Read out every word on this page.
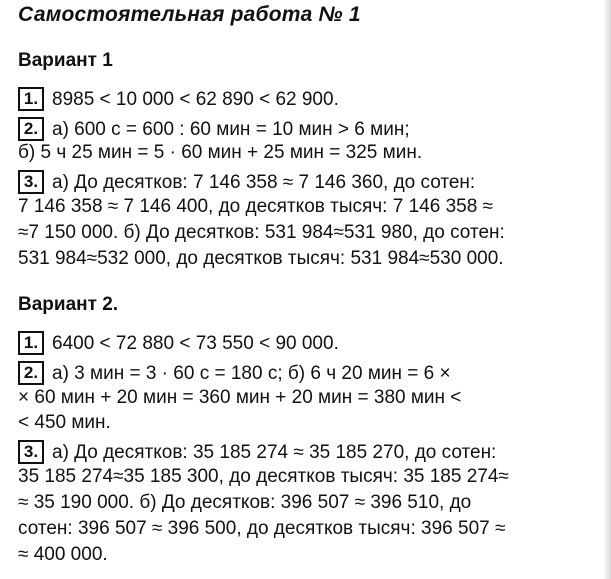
Самостоятельная работа № 1
Вариант 1
1. 8985 < 10 000 < 62 890 < 62 900.
2. а) 600 с = 600 : 60 мин = 10 мин > 6 мин;
б) 5 ч 25 мин = 5 · 60 мин + 25 мин = 325 мин.
3. а) До десятков: 7 146 358 ≈ 7 146 360, до сотен:
7 146 358 ≈ 7 146 400, до десятков тысяч: 7 146 358 ≈
≈7 150 000. б) До десятков: 531 984≈531 980, до сотен:
531 984≈532 000, до десятков тысяч: 531 984≈530 000.
Вариант 2.
1. 6400 < 72 880 < 73 550 < 90 000.
2. а) 3 мин = 3 · 60 с = 180 с; б) 6 ч 20 мин = 6 ×
× 60 мин + 20 мин = 360 мин + 20 мин = 380 мин <
< 450 мин.
3. а) До десятков: 35 185 274 ≈ 35 185 270, до сотен:
35 185 274≈35 185 300, до десятков тысяч: 35 185 274≈
≈ 35 190 000. б) До десятков: 396 507 ≈ 396 510, до
сотен: 396 507 ≈ 396 500, до десятков тысяч: 396 507 ≈
≈ 400 000.
